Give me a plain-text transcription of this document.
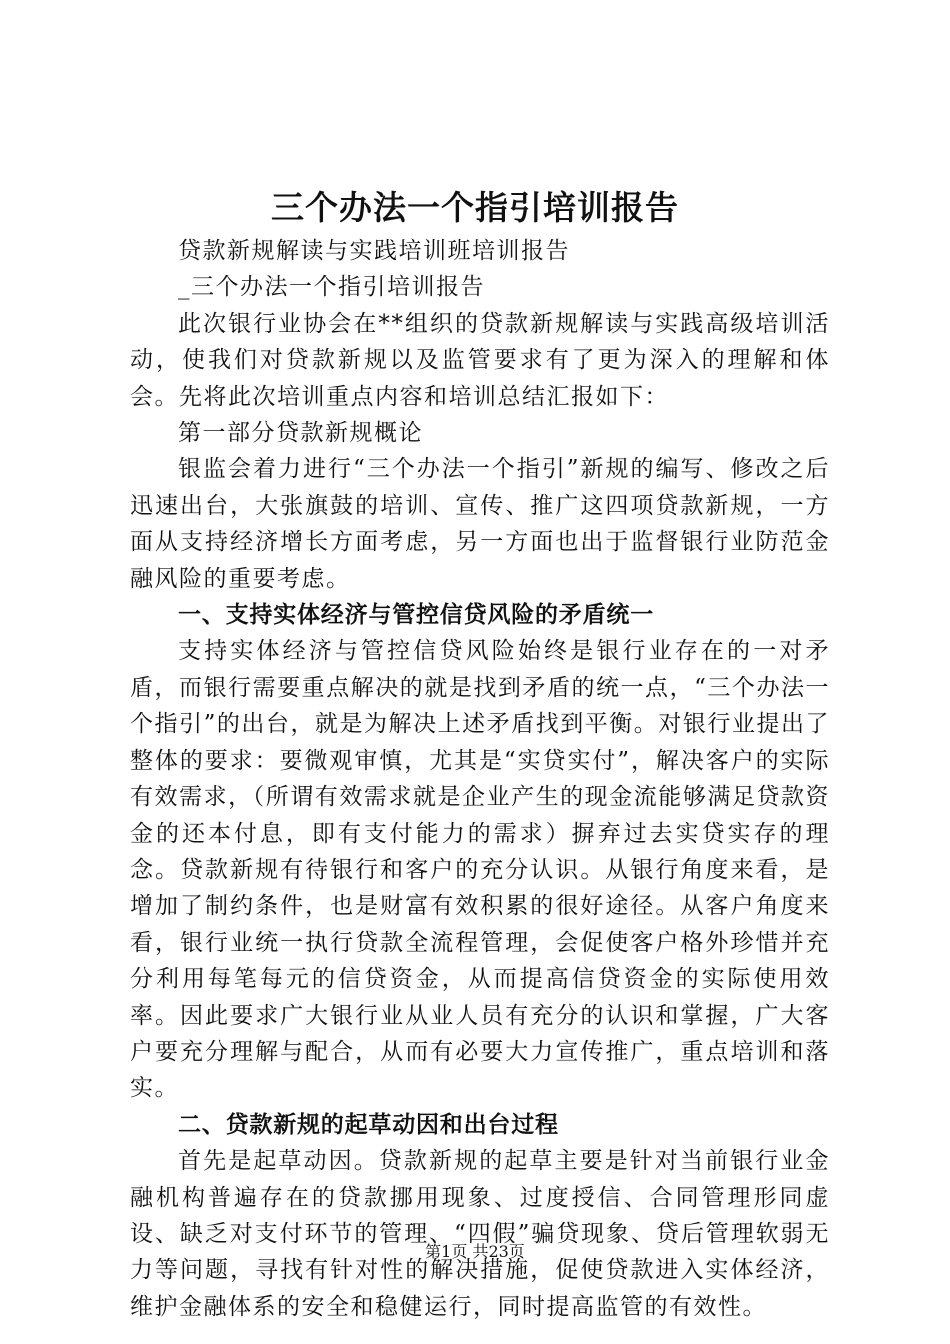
三个办法一个指引培训报告

贷款新规解读与实践培训班培训报告

_三个办法一个指引培训报告

此次银行业协会在**组织的贷款新规解读与实践高级培训活动，使我们对贷款新规以及监管要求有了更为深入的理解和体会。先将此次培训重点内容和培训总结汇报如下：

第一部分贷款新规概论

银监会着力进行“三个办法一个指引”新规的编写、修改之后迅速出台，大张旗鼓的培训、宣传、推广这四项贷款新规，一方面从支持经济增长方面考虑，另一方面也出于监督银行业防范金融风险的重要考虑。

一、支持实体经济与管控信贷风险的矛盾统一

支持实体经济与管控信贷风险始终是银行业存在的一对矛盾，而银行需要重点解决的就是找到矛盾的统一点，“三个办法一个指引”的出台，就是为解决上述矛盾找到平衡。对银行业提出了整体的要求：要微观审慎，尤其是“实贷实付”，解决客户的实际有效需求，（所谓有效需求就是企业产生的现金流能够满足贷款资金的还本付息，即有支付能力的需求）摒弃过去实贷实存的理念。贷款新规有待银行和客户的充分认识。从银行角度来看，是增加了制约条件，也是财富有效积累的很好途径。从客户角度来看，银行业统一执行贷款全流程管理，会促使客户格外珍惜并充分利用每笔每元的信贷资金，从而提高信贷资金的实际使用效率。因此要求广大银行业从业人员有充分的认识和掌握，广大客户要充分理解与配合，从而有必要大力宣传推广，重点培训和落实。

二、贷款新规的起草动因和出台过程

首先是起草动因。贷款新规的起草主要是针对当前银行业金融机构普遍存在的贷款挪用现象、过度授信、合同管理形同虚设、缺乏对支付环节的管理、“四假”骗贷现象、贷后管理软弱无力等问题，寻找有针对性的解决措施，促使贷款进入实体经济，维护金融体系的安全和稳健运行，同时提高监管的有效性。

第1页 共23页
